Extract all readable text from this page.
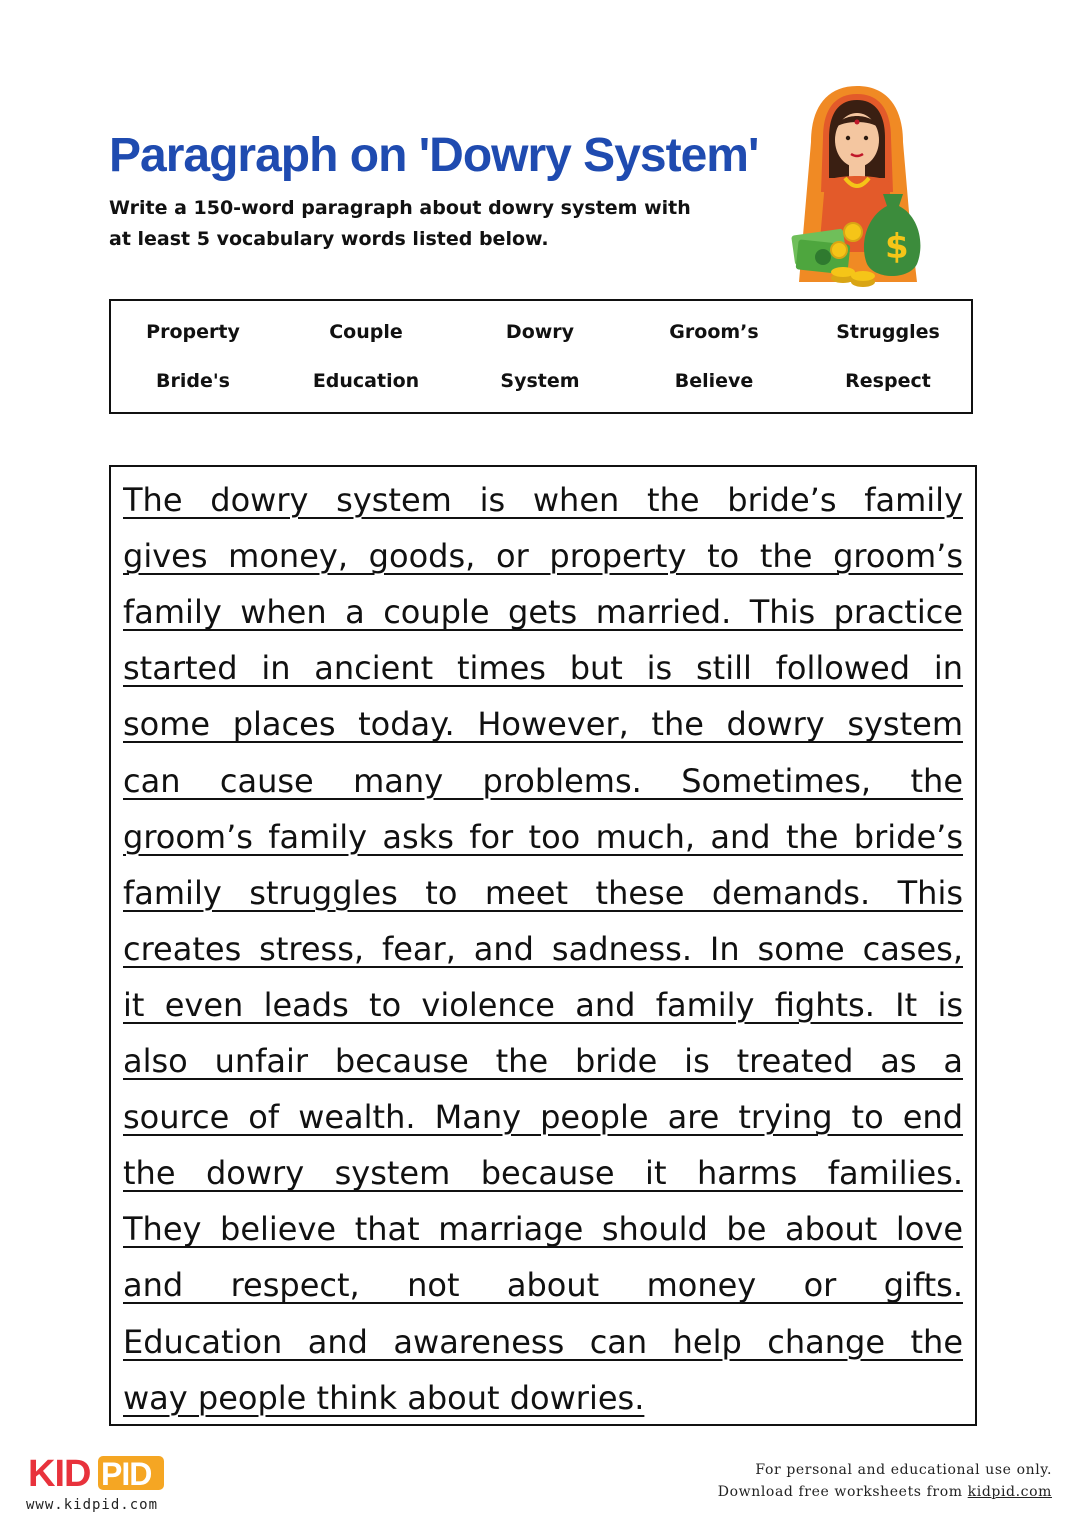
Paragraph on 'Dowry System'
Write a 150-word paragraph about dowry system with
at least 5 vocabulary words listed below.	$
Property	Couple	Dowry	Groom’s	Struggles
Bride's	Education	System	Believe	Respect
The dowry system is when the bride’s family
gives money, goods, or property to the groom’s
family when a couple gets married. This practice
started in ancient times but is still followed in
some places today. However, the dowry system
can cause many problems. Sometimes, the
groom’s family asks for too much, and the bride’s
family struggles to meet these demands. This
creates stress, fear, and sadness. In some cases,
it even leads to violence and family fights. It is
also unfair because the bride is treated as a
source of wealth. Many people are trying to end
the dowry system because it harms families.
They believe that marriage should be about love
and respect, not about money or gifts.
Education and awareness can help change the
way people think about dowries.
KID PID
www.kidpid.com
For personal and educational use only.
Download free worksheets from kidpid.com
